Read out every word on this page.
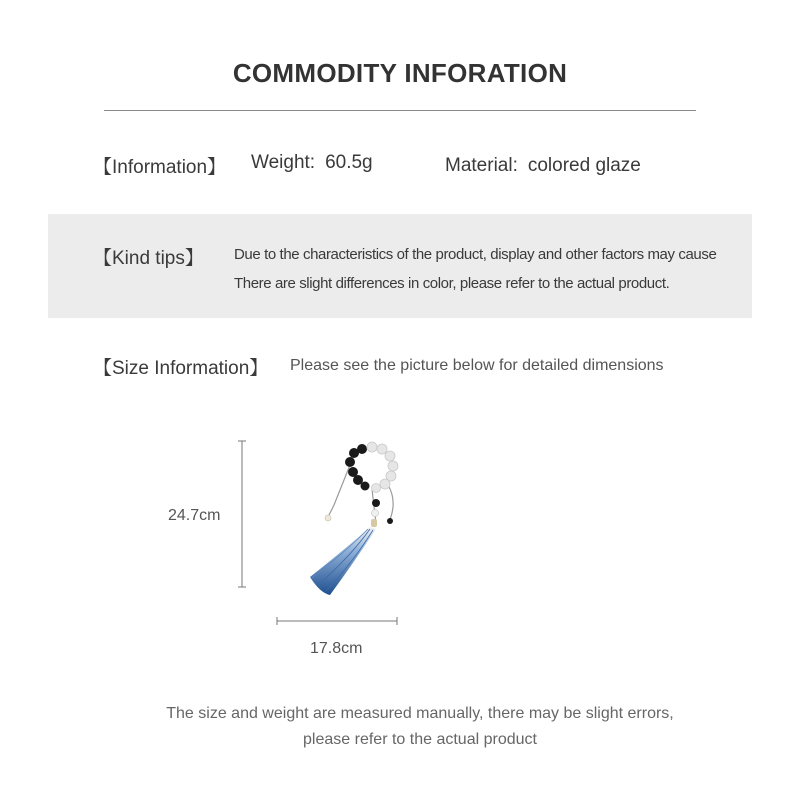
COMMODITY INFORATION
【Information】 Weight: 60.5g	Material: colored glaze
【Kind tips】 Due to the characteristics of the product, display and other factors may cause
There are slight differences in color, please refer to the actual product.
【Size Information】 Please see the picture below for detailed dimensions
24.7cm
17.8cm
The size and weight are measured manually, there may be slight errors,
please refer to the actual product
